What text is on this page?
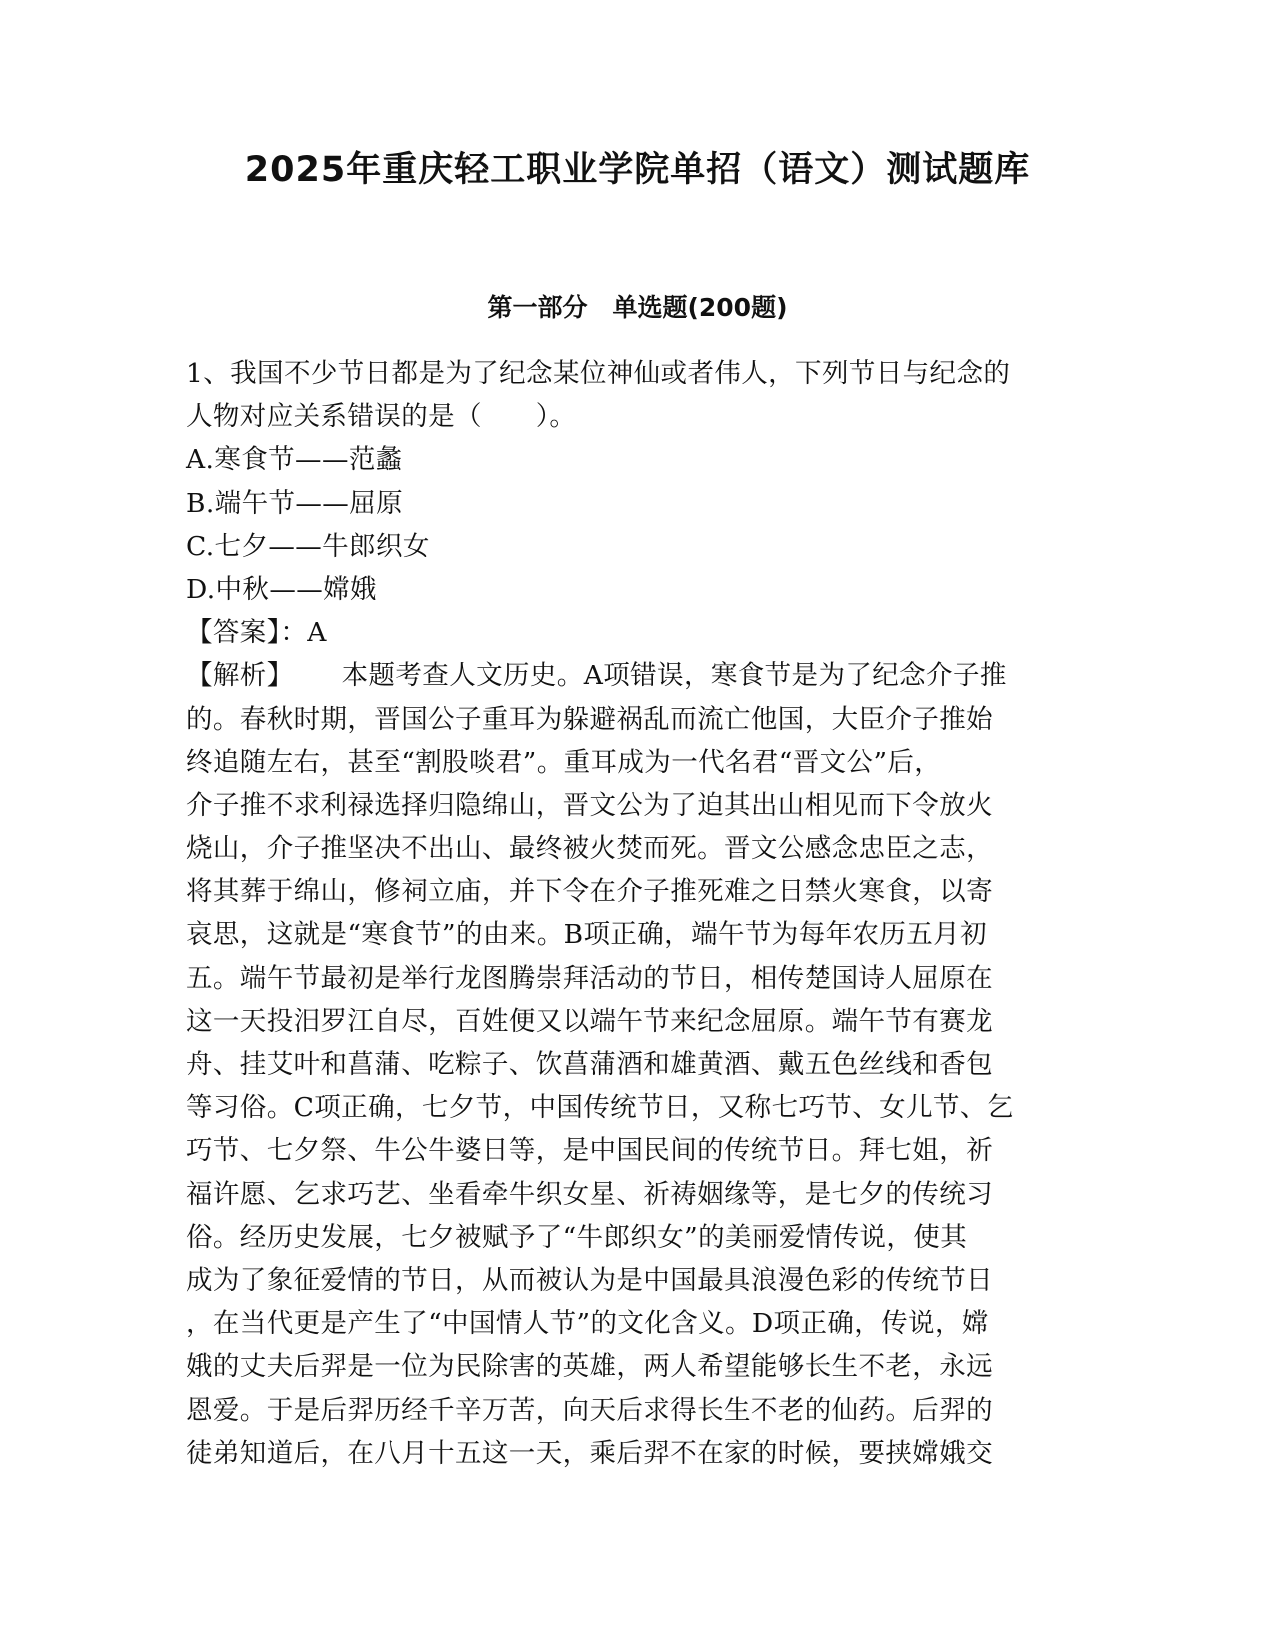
2025年重庆轻工职业学院单招（语文）测试题库
第一部分　单选题(200题)
1、我国不少节日都是为了纪念某位神仙或者伟人，下列节日与纪念的
人物对应关系错误的是（　　）。
A.寒食节——范蠡
B.端午节——屈原
C.七夕——牛郎织女
D.中秋——嫦娥
【答案】：A
【解析】 本题考查人文历史。A项错误，寒食节是为了纪念介子推
的。春秋时期，晋国公子重耳为躲避祸乱而流亡他国，大臣介子推始
终追随左右，甚至“割股啖君”。重耳成为一代名君“晋文公”后，
介子推不求利禄选择归隐绵山，晋文公为了迫其出山相见而下令放火
烧山，介子推坚决不出山、最终被火焚而死。晋文公感念忠臣之志，
将其葬于绵山，修祠立庙，并下令在介子推死难之日禁火寒食，以寄
哀思，这就是“寒食节”的由来。B项正确，端午节为每年农历五月初
五。端午节最初是举行龙图腾崇拜活动的节日，相传楚国诗人屈原在
这一天投汨罗江自尽，百姓便又以端午节来纪念屈原。端午节有赛龙
舟、挂艾叶和菖蒲、吃粽子、饮菖蒲酒和雄黄酒、戴五色丝线和香包
等习俗。C项正确，七夕节，中国传统节日，又称七巧节、女儿节、乞
巧节、七夕祭、牛公牛婆日等，是中国民间的传统节日。拜七姐，祈
福许愿、乞求巧艺、坐看牵牛织女星、祈祷姻缘等，是七夕的传统习
俗。经历史发展，七夕被赋予了“牛郎织女”的美丽爱情传说，使其
成为了象征爱情的节日，从而被认为是中国最具浪漫色彩的传统节日
，在当代更是产生了“中国情人节”的文化含义。D项正确，传说，嫦
娥的丈夫后羿是一位为民除害的英雄，两人希望能够长生不老，永远
恩爱。于是后羿历经千辛万苦，向天后求得长生不老的仙药。后羿的
徒弟知道后，在八月十五这一天，乘后羿不在家的时候，要挟嫦娥交
